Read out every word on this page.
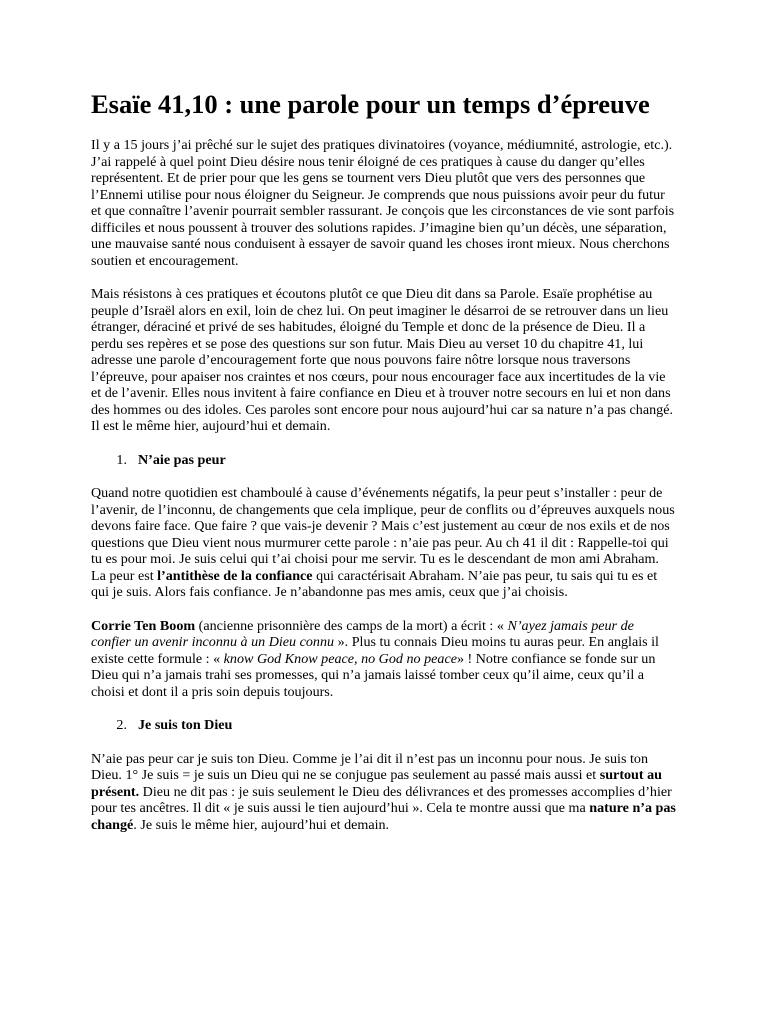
Esaïe 41,10 : une parole pour un temps d’épreuve

Il y a 15 jours j’ai prêché sur le sujet des pratiques divinatoires (voyance, médiumnité, astrologie, etc.). J’ai rappelé à quel point Dieu désire nous tenir éloigné de ces pratiques à cause du danger qu’elles représentent. Et de prier pour que les gens se tournent vers Dieu plutôt que vers des personnes que l’Ennemi utilise pour nous éloigner du Seigneur. Je comprends que nous puissions avoir peur du futur et que connaître l’avenir pourrait sembler rassurant. Je conçois que les circonstances de vie sont parfois difficiles et nous poussent à trouver des solutions rapides. J’imagine bien qu’un décès, une séparation, une mauvaise santé nous conduisent à essayer de savoir quand les choses iront mieux. Nous cherchons soutien et encouragement.

Mais résistons à ces pratiques et écoutons plutôt ce que Dieu dit dans sa Parole. Esaïe prophétise au peuple d’Israël alors en exil, loin de chez lui. On peut imaginer le désarroi de se retrouver dans un lieu étranger, déraciné et privé de ses habitudes, éloigné du Temple et donc de la présence de Dieu. Il a perdu ses repères et se pose des questions sur son futur. Mais Dieu au verset 10 du chapitre 41, lui adresse une parole d’encouragement forte que nous pouvons faire nôtre lorsque nous traversons l’épreuve, pour apaiser nos craintes et nos cœurs, pour nous encourager face aux incertitudes de la vie et de l’avenir. Elles nous invitent à faire confiance en Dieu et à trouver notre secours en lui et non dans des hommes ou des idoles. Ces paroles sont encore pour nous aujourd’hui car sa nature n’a pas changé. Il est le même hier, aujourd’hui et demain.

1. N’aie pas peur

Quand notre quotidien est chamboulé à cause d’événements négatifs, la peur peut s’installer : peur de l’avenir, de l’inconnu, de changements que cela implique, peur de conflits ou d’épreuves auxquels nous devons faire face. Que faire ? que vais-je devenir ? Mais c’est justement au cœur de nos exils et de nos questions que Dieu vient nous murmurer cette parole : n’aie pas peur. Au ch 41 il dit : Rappelle-toi qui tu es pour moi. Je suis celui qui t’ai choisi pour me servir. Tu es le descendant de mon ami Abraham. La peur est l’antithèse de la confiance qui caractérisait Abraham. N’aie pas peur, tu sais qui tu es et qui je suis. Alors fais confiance. Je n’abandonne pas mes amis, ceux que j’ai choisis.

Corrie Ten Boom (ancienne prisonnière des camps de la mort) a écrit : « N’ayez jamais peur de confier un avenir inconnu à un Dieu connu ». Plus tu connais Dieu moins tu auras peur. En anglais il existe cette formule : « know God Know peace, no God no peace» ! Notre confiance se fonde sur un Dieu qui n’a jamais trahi ses promesses, qui n’a jamais laissé tomber ceux qu’il aime, ceux qu’il a choisi et dont il a pris soin depuis toujours.

2. Je suis ton Dieu

N’aie pas peur car je suis ton Dieu. Comme je l’ai dit il n’est pas un inconnu pour nous. Je suis ton Dieu. 1° Je suis = je suis un Dieu qui ne se conjugue pas seulement au passé mais aussi et surtout au présent. Dieu ne dit pas : je suis seulement le Dieu des délivrances et des promesses accomplies d’hier pour tes ancêtres. Il dit « je suis aussi le tien aujourd’hui ». Cela te montre aussi que ma nature n’a pas changé. Je suis le même hier, aujourd’hui et demain.
